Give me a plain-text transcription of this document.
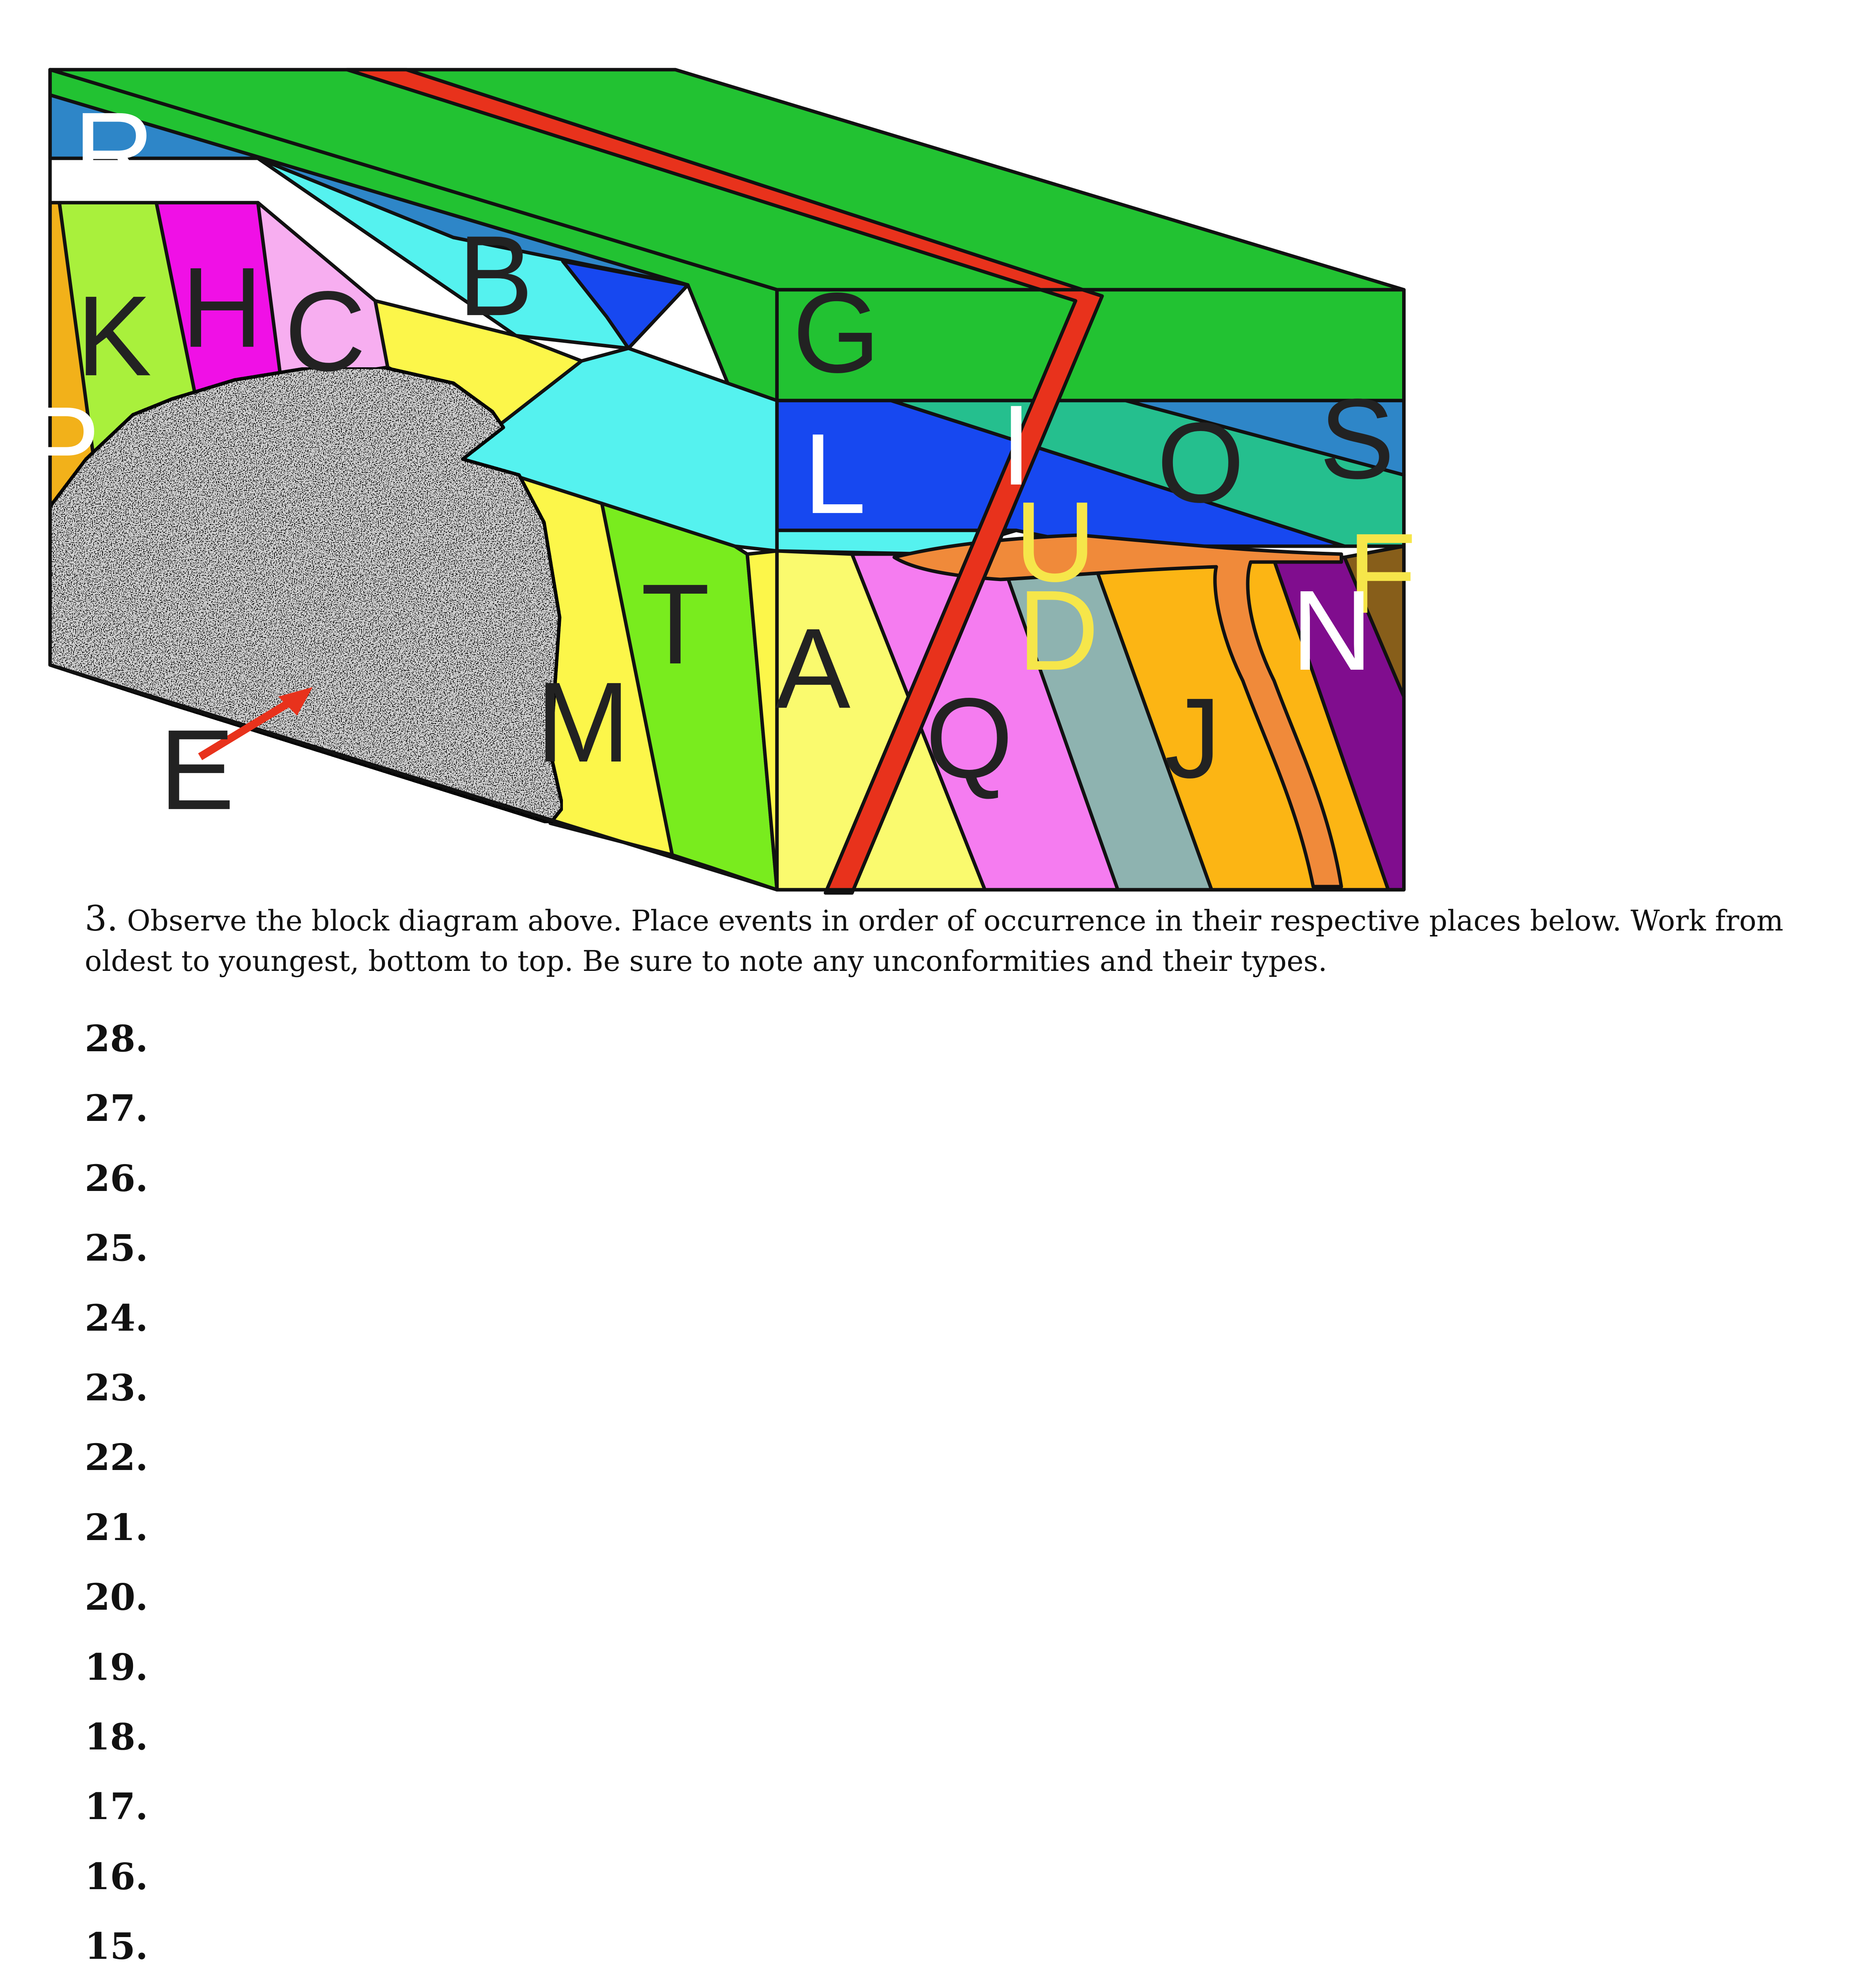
R
K H C	B
P
G
L	I	O	S
U	F
D	N
T A
M	Q	J
E

3. Observe the block diagram above. Place events in order of occurrence in their respective places below. Work from oldest to youngest, bottom to top. Be sure to note any unconformities and their types.

28.
27.
26.
25.
24.
23.
22.
21.
20.
19.
18.
17.
16.
15.
